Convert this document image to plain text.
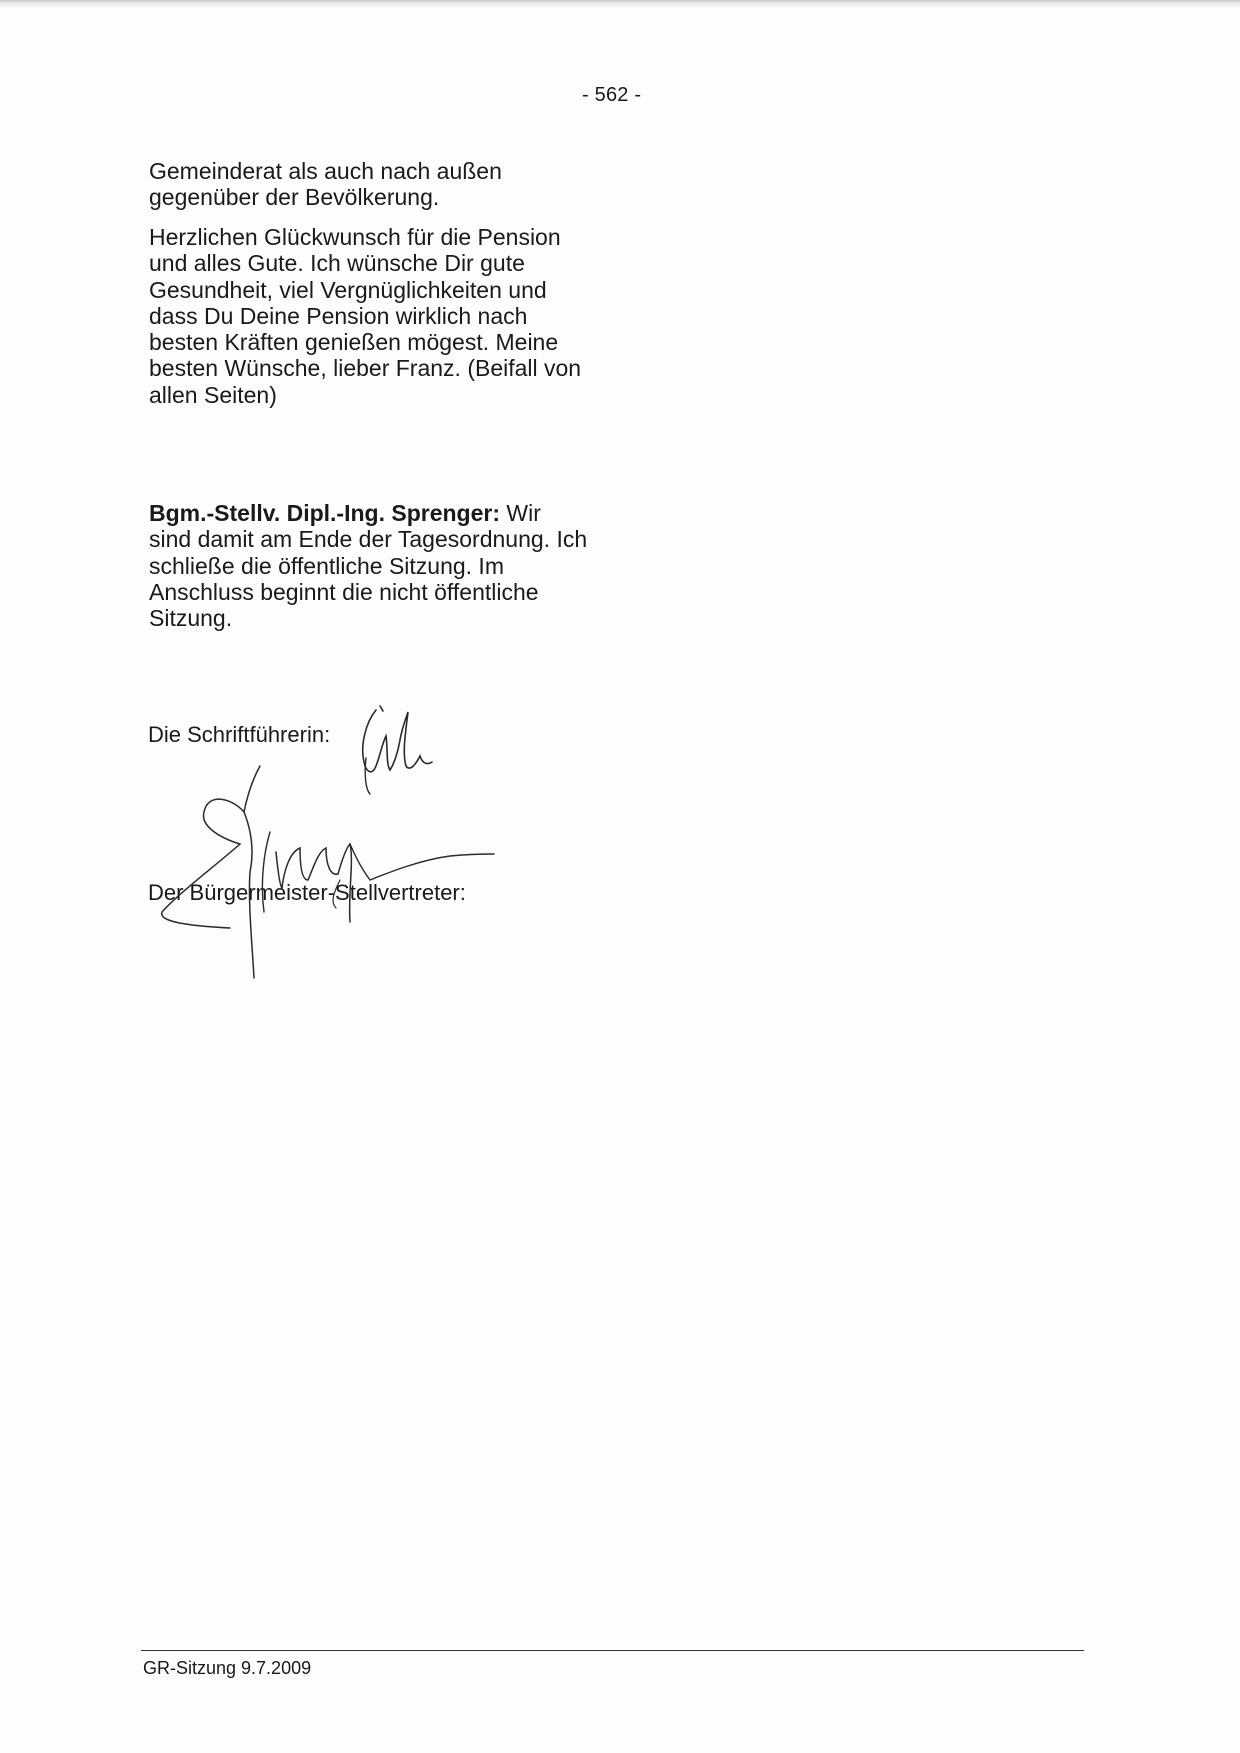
- 562 -

Gemeinderat als auch nach außen gegenüber der Bevölkerung.

Herzlichen Glückwunsch für die Pension und alles Gute. Ich wünsche Dir gute Gesundheit, viel Vergnüglichkeiten und dass Du Deine Pension wirklich nach besten Kräften genießen mögest. Meine besten Wünsche, lieber Franz. (Beifall von allen Seiten)

Bgm.-Stellv. Dipl.-Ing. Sprenger: Wir sind damit am Ende der Tagesordnung. Ich schließe die öffentliche Sitzung. Im Anschluss beginnt die nicht öffentliche Sitzung.

Die Schriftführerin:
Der Bürgermeister-Stellvertreter:
GR-Sitzung 9.7.2009
